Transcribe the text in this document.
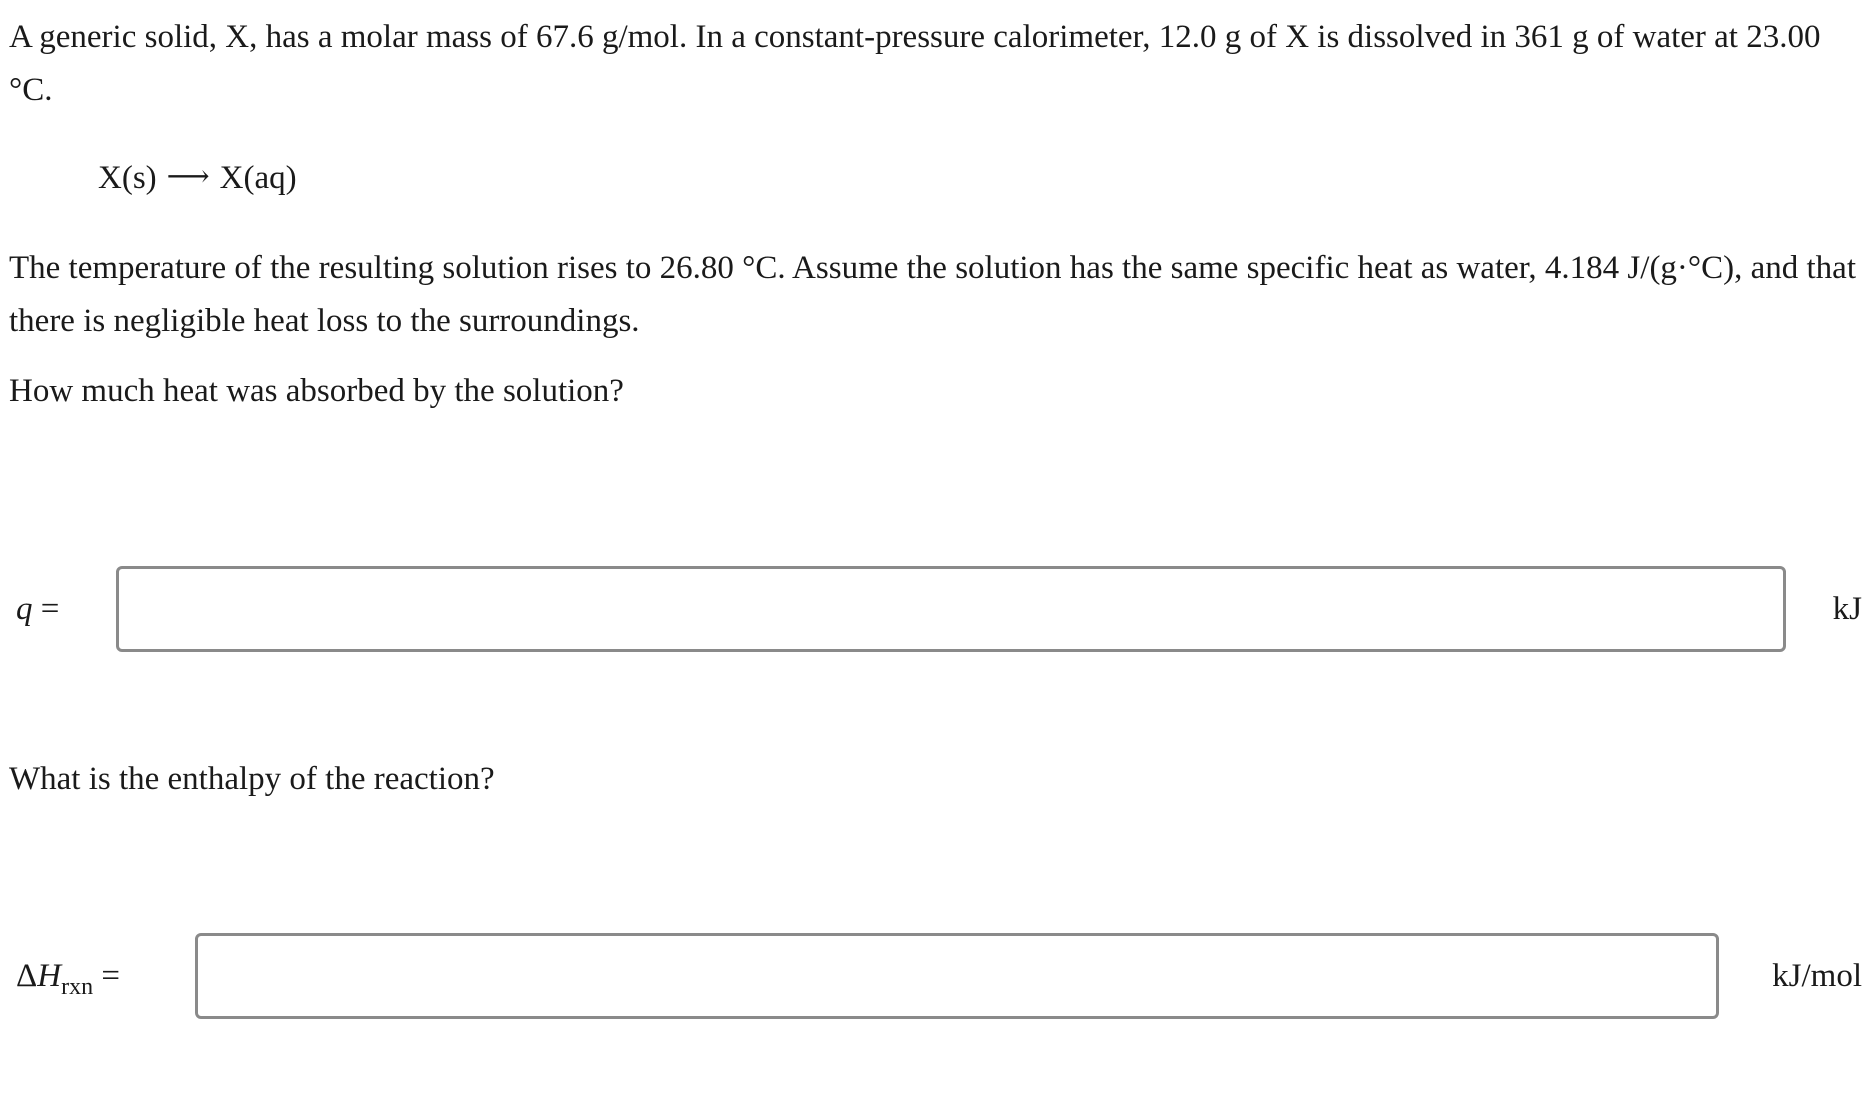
A generic solid, X, has a molar mass of 67.6 g/mol. In a constant-pressure calorimeter, 12.0 g of X is dissolved in 361 g of water at 23.00 °C.

X(s) ⟶ X(aq)

The temperature of the resulting solution rises to 26.80 °C. Assume the solution has the same specific heat as water, 4.184 J/(g·°C), and that there is negligible heat loss to the surroundings.

How much heat was absorbed by the solution?

q =	kJ

What is the enthalpy of the reaction?

$\Delta H_{rxn}$ =	kJ/mol
